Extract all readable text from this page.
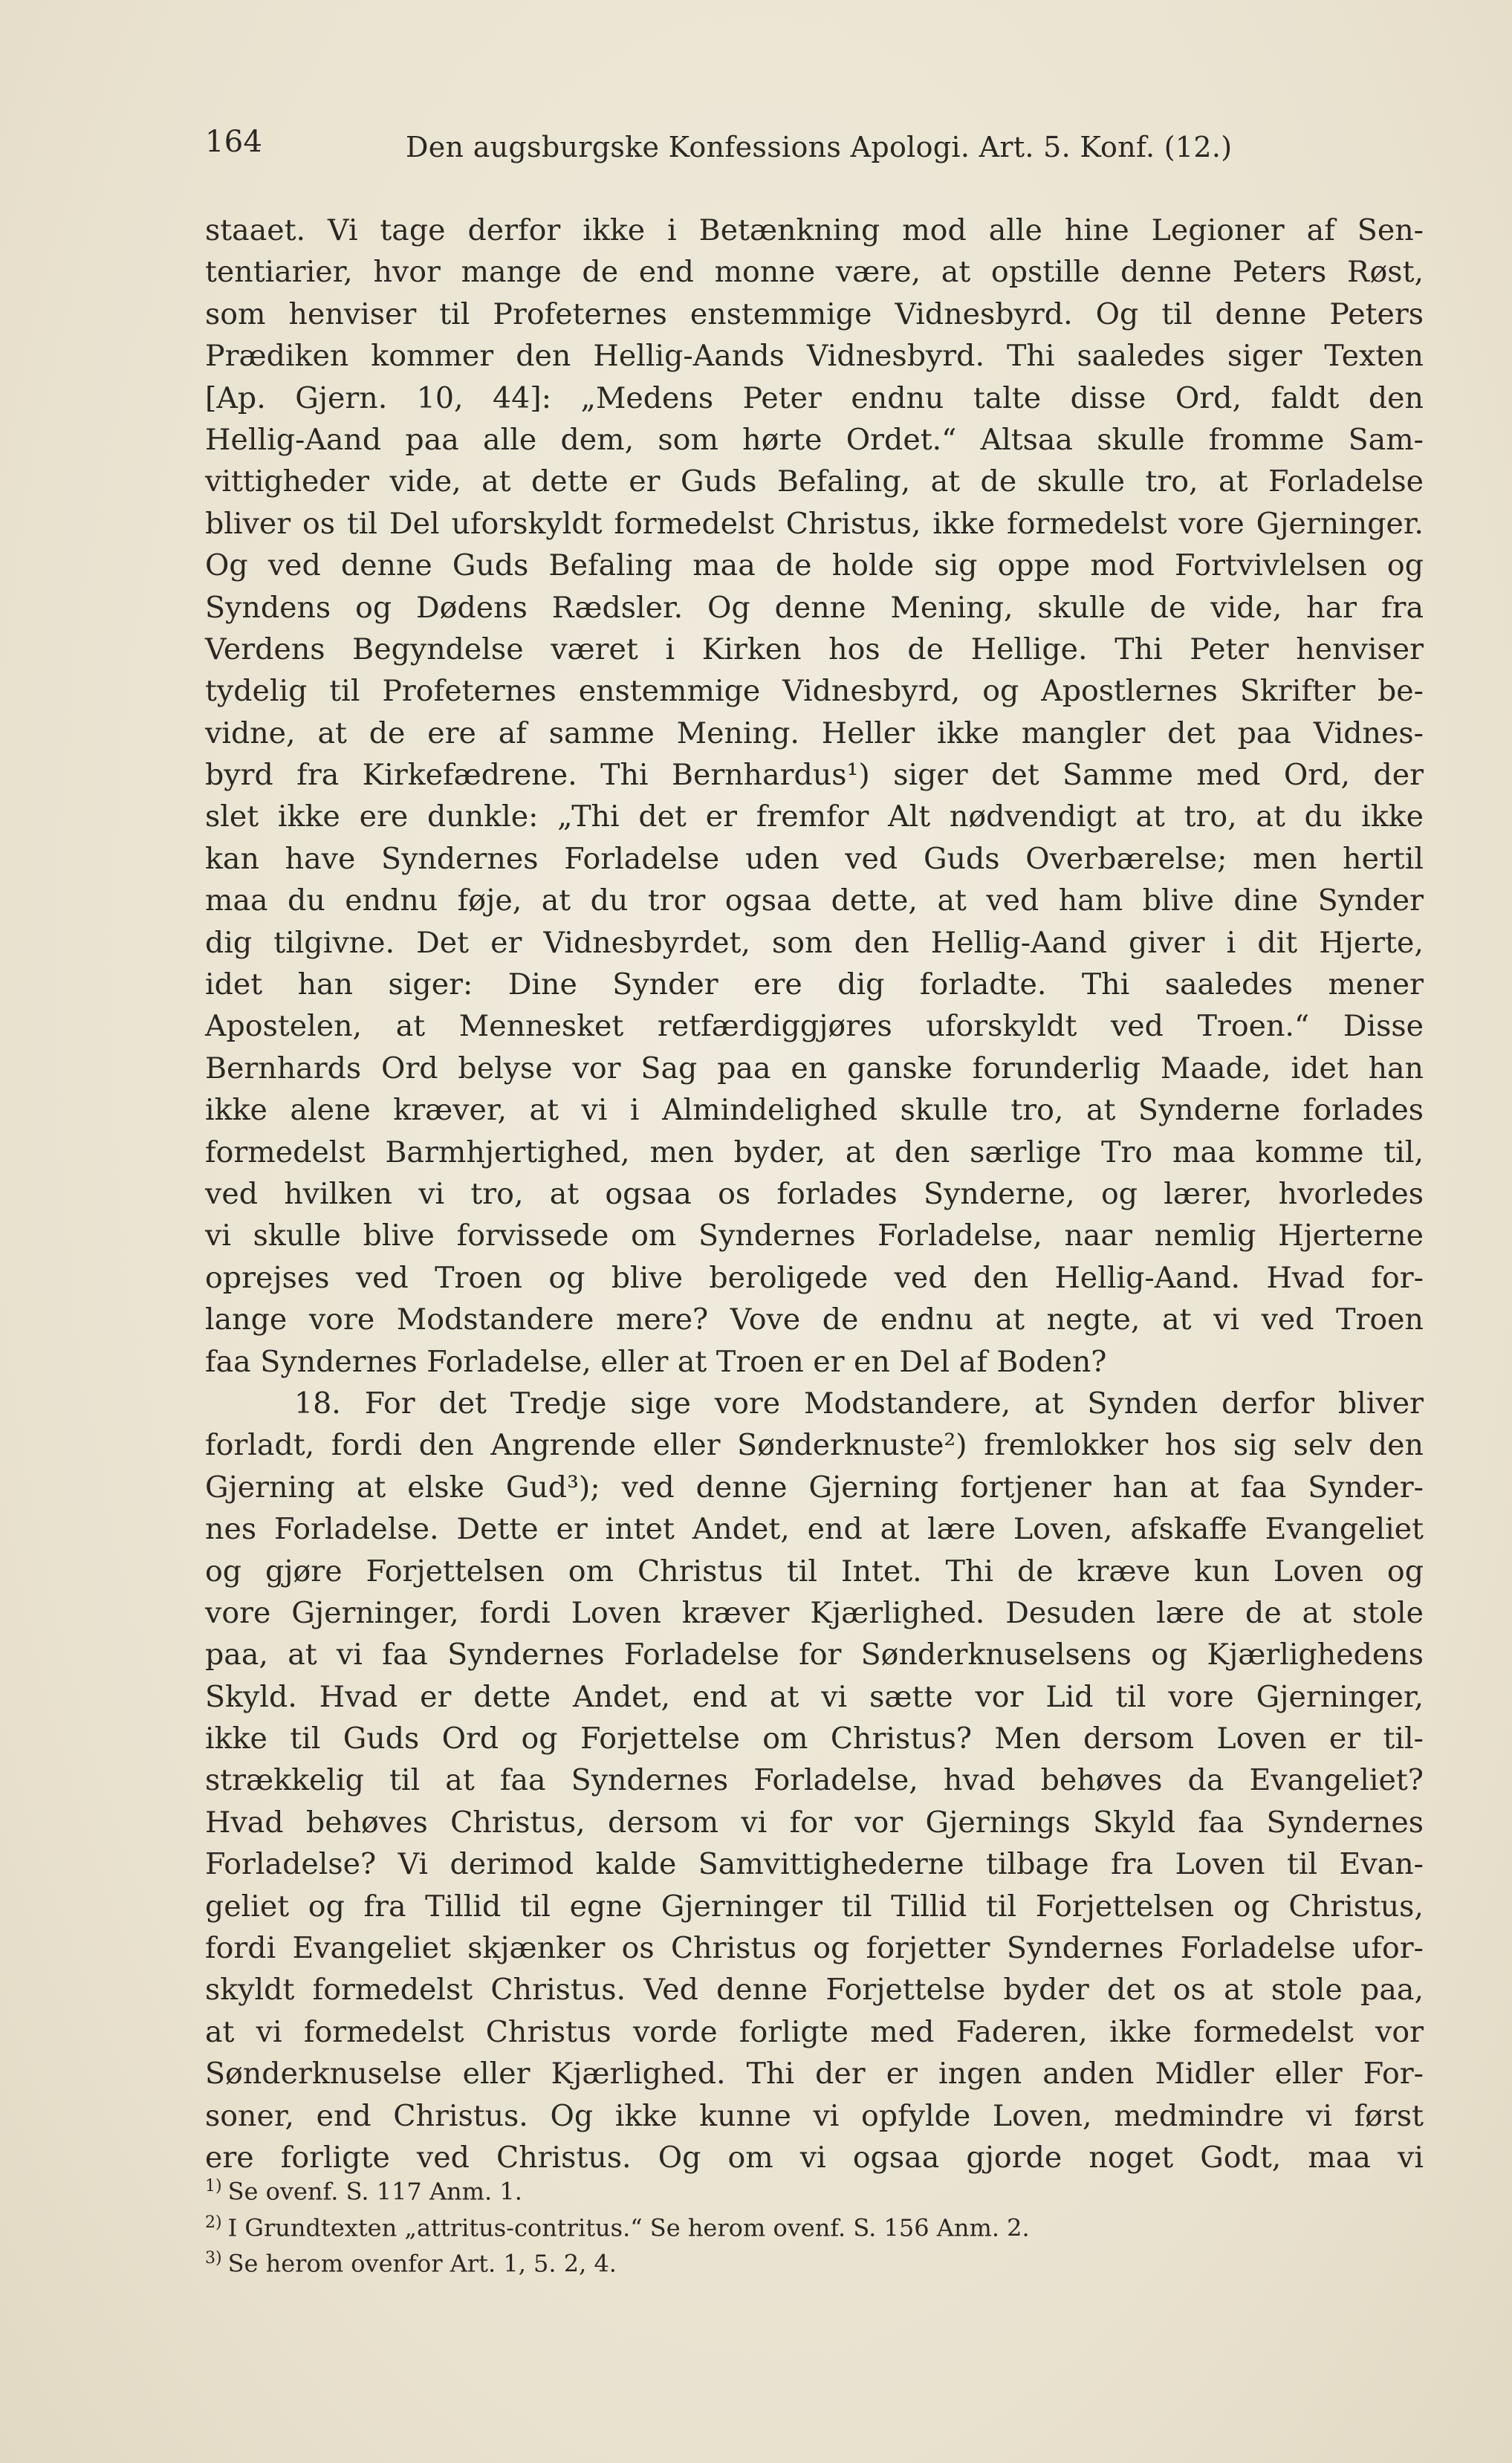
164	Den augsburgske Konfessions Apologi. Art. 5. Konf. (12.)
staaet. Vi tage derfor ikke i Betænkning mod alle hine Legioner af Sen-
tentiarier, hvor mange de end monne være, at opstille denne Peters Røst,
som henviser til Profeternes enstemmige Vidnesbyrd. Og til denne Peters
Prædiken kommer den Hellig-Aands Vidnesbyrd. Thi saaledes siger Texten
[Ap. Gjern. 10, 44]: „Medens Peter endnu talte disse Ord, faldt den
Hellig-Aand paa alle dem, som hørte Ordet.“ Altsaa skulle fromme Sam-
vittigheder vide, at dette er Guds Befaling, at de skulle tro, at Forladelse
bliver os til Del uforskyldt formedelst Christus, ikke formedelst vore Gjerninger.
Og ved denne Guds Befaling maa de holde sig oppe mod Fortvivlelsen og
Syndens og Dødens Rædsler. Og denne Mening, skulle de vide, har fra
Verdens Begyndelse været i Kirken hos de Hellige. Thi Peter henviser
tydelig til Profeternes enstemmige Vidnesbyrd, og Apostlernes Skrifter be-
vidne, at de ere af samme Mening. Heller ikke mangler det paa Vidnes-
byrd fra Kirkefædrene. Thi Bernhardus¹) siger det Samme med Ord, der
slet ikke ere dunkle: „Thi det er fremfor Alt nødvendigt at tro, at du ikke
kan have Syndernes Forladelse uden ved Guds Overbærelse; men hertil
maa du endnu føje, at du tror ogsaa dette, at ved ham blive dine Synder
dig tilgivne. Det er Vidnesbyrdet, som den Hellig-Aand giver i dit Hjerte,
idet han siger: Dine Synder ere dig forladte. Thi saaledes mener
Apostelen, at Mennesket retfærdiggjøres uforskyldt ved Troen.“ Disse
Bernhards Ord belyse vor Sag paa en ganske forunderlig Maade, idet han
ikke alene kræver, at vi i Almindelighed skulle tro, at Synderne forlades
formedelst Barmhjertighed, men byder, at den særlige Tro maa komme til,
ved hvilken vi tro, at ogsaa os forlades Synderne, og lærer, hvorledes
vi skulle blive forvissede om Syndernes Forladelse, naar nemlig Hjerterne
oprejses ved Troen og blive beroligede ved den Hellig-Aand. Hvad for-
lange vore Modstandere mere? Vove de endnu at negte, at vi ved Troen
faa Syndernes Forladelse, eller at Troen er en Del af Boden?
18. For det Tredje sige vore Modstandere, at Synden derfor bliver
forladt, fordi den Angrende eller Sønderknuste²) fremlokker hos sig selv den
Gjerning at elske Gud³); ved denne Gjerning fortjener han at faa Synder-
nes Forladelse. Dette er intet Andet, end at lære Loven, afskaffe Evangeliet
og gjøre Forjettelsen om Christus til Intet. Thi de kræve kun Loven og
vore Gjerninger, fordi Loven kræver Kjærlighed. Desuden lære de at stole
paa, at vi faa Syndernes Forladelse for Sønderknuselsens og Kjærlighedens
Skyld. Hvad er dette Andet, end at vi sætte vor Lid til vore Gjerninger,
ikke til Guds Ord og Forjettelse om Christus? Men dersom Loven er til-
strækkelig til at faa Syndernes Forladelse, hvad behøves da Evangeliet?
Hvad behøves Christus, dersom vi for vor Gjernings Skyld faa Syndernes
Forladelse? Vi derimod kalde Samvittighederne tilbage fra Loven til Evan-
geliet og fra Tillid til egne Gjerninger til Tillid til Forjettelsen og Christus,
fordi Evangeliet skjænker os Christus og forjetter Syndernes Forladelse ufor-
skyldt formedelst Christus. Ved denne Forjettelse byder det os at stole paa,
at vi formedelst Christus vorde forligte med Faderen, ikke formedelst vor
Sønderknuselse eller Kjærlighed. Thi der er ingen anden Midler eller For-
soner, end Christus. Og ikke kunne vi opfylde Loven, medmindre vi først
ere forligte ved Christus. Og om vi ogsaa gjorde noget Godt, maa vi
$^{1)}$ Se ovenf. S. 117 Anm. 1.
$^{2)}$ I Grundtexten „attritus-contritus.“ Se herom ovenf. S. 156 Anm. 2.
$^{3)}$ Se herom ovenfor Art. 1, 5. 2, 4.
